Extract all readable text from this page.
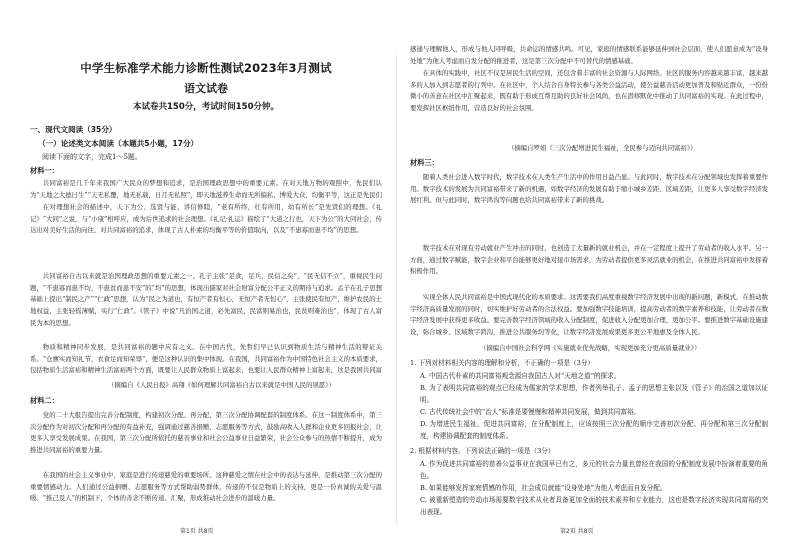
中学生标准学术能力诊断性测试2023年3月测试
语文试卷
本试卷共150分，考试时间150分钟。
一、现代文阅读（35分）
（一）论述类文本阅读（本题共5小题，17分）
阅读下面的文字，完成1～5题。
材料一：

共同富裕是几千年来我国广大民众的梦想和追求，是治国理政思想中的重要元素。在对天地万物的观照中，先民们认为“天地之大德曰生”“天无私覆，地无私载，日月无私照”，即天地滋养生命而无所偏私、博爱大众、均衡平等，这正是先民们

在对理想社会的描述中，天下为公、选贤与能、讲信修睦，“老有所终，壮有所用，幼有所长”是先贤们的理想。《礼记》“大同”之说，与“小康”相呼应，成为后世追求的社会理想。《礼记·礼运》描绘了“大道之行也，天下为公”的大同社会，传达出对美好生活的向往，对共同富裕的追求，体现了古人朴素的均衡平等的价值取向，以及“不患寡而患不均”的思想。

共同富裕自古以来就是治国理政思想的重要元素之一。孔子主张“足食，足兵，民信之矣”，“民无信不立”，重视民生问题，“不患寡而患不均，不患贫而患不安”的“均”的思想，体现出儒家对社会财富分配公平正义的期待与追求。孟子在孔子思想基础上提出“制民之产”“仁政”思想，认为“民之为道也，有恒产者有恒心，无恒产者无恒心”，主张使民有恒产，维护农民的土地权益，主张轻徭薄赋，实行“仁政”。《管子》中说“凡治国之道，必先富民，民富则易治也，民贫则难治也”，体现了古人富民为本的思想。

物质和精神同步发展，是共同富裕的题中应有之义。在中国古代，先哲们早已认识到物质生活与精神生活的辩证关系。“仓廪实而知礼节，衣食足而知荣辱”，便是这种认识的集中体现。在我国，共同富裕作为中国特色社会主义的本质要求，包括物质生活富裕和精神生活富裕两个方面，既要让人民群众物质上富起来，也要让人民群众精神上富起来，这是我国共同富

（摘编自《人民日报》高翔《如何理解共同富裕自古以来就是中国人民的夙愿》）
材料二：

党的二十大报告提出完善分配制度，构建初次分配、再分配、第三次分配协调配套的制度体系。在这一制度体系中，第三次分配作为对初次分配和再分配的有益补充，强调通过慈善捐赠、志愿服务等方式，鼓励高收入人群和企业更多回报社会，让更多人享受发展成果。在我国，第三次分配所依托的慈善事业和社会公益事业日益繁荣，社会公众参与的热情不断提升，成为推进共同富裕的重要力量。

在我国的社会主义事业中，家庭是进行传递慈爱的重要场所。这种慈爱之情在社会中的表达与延伸，是推动第三次分配的重要情感动力。人们通过公益捐赠、志愿服务等方式帮助弱势群体，传递的不仅是物质上的支持，更是一份真诚的关爱与温暖。“推己及人”的机制下，个体的善念不断传递、汇聚，形成推动社会进步的温暖力量。

第1页 共8页

感通与理解他人，形成与他人同呼吸、共命运的情感共鸣。可见，家庭的情感联系能够延伸到社会层面，使人们愿意成为“设身处地”为他人考虑而自发分配的推进者，这是第三次分配中不可替代的情感基础。

在具体的实践中，社区不仅是居民生活的空间，还包含着丰富的社会资源与人际网络。社区的服务内容越来越丰富，越来越多的人加入到志愿者的行列中。在社区中，个人结合自身特长参与各类公益活动，使公益慈善活动更加普及和贴近群众，一份份微小的善意在社区中汇聚起来，既有助于形成互帮互助的良好社会风尚，也在潜移默化中推动了共同富裕的实现。在此过程中，要发挥社区枢纽作用，营造良好的社会氛围。

（摘编自罗娟《三次分配增进民生福祉，全民参与迈向共同富裕》）
材料三：

随着人类社会进入数字时代，数字技术在人类生产生活中的作用日益凸显。与此同时，数字技术在分配领域也发挥着重要作用。数字技术的发展为共同富裕带来了新的机遇，如数字经济的发展有助于缩小城乡差距、区域差距，让更多人享受数字经济发展红利。但与此同时，数字鸿沟等问题也给共同富裕带来了新的挑战。

数字技术在对现有劳动就业产生冲击的同时，也创造了大量新的就业机会，并在一定程度上提升了劳动者的收入水平。另一方面，通过数字赋能，数字企业和平台能够更好地对接市场需求，为劳动者提供更多灵活就业的机会，在推进共同富裕中发挥着积极作用。

实现全体人民共同富裕是中国式现代化的本质要求。这需要我们高度重视数字经济发展中出现的新问题，新模式，在推动数字经济高质量发展的同时，切实维护好劳动者的合法权益。要加强数字技能培训，提高劳动者的数字素养和技能，让劳动者在数字经济发展中获得更多收益。要完善数字经济领域的收入分配制度，促进收入分配更加合理、更加公平。要推进数字基础设施建设，弥合城乡、区域数字鸿沟，推进公共服务均等化，让数字经济发展成果更多更公平地惠及全体人民。

（摘编自中国社会科学网《实施就业优先战略，实现更加充分更高质量就业》）
1. 下列对材料相关内容的理解和分析，不正确的一项是（3分）

A. 中国古代朴素的共同富裕观念源自我国古人对“天地之道”的探求。

B. 为了表明共同富裕的观点已经成为儒家的学术思想，作者列举孔子、孟子的思想主张以及《管子》的治国之道加以证明。

C. 古代传统社会中的“治人”标准是要慢慢和精神共同发展，做到共同富裕。

D. 为增进民生福祉，促进共同富裕，在分配制度上，应该按照三次分配的顺序完善初次分配、再分配和第三次分配制度，构建协调配套的制度体系。

2. 根据材料内容，下列说法正确的一项是（3分）

A. 作为促进共同富裕的慈善公益事业在我国早已有之，多元的社会力量也曾经在我国的分配制度发展中扮演着重要的角色。

B. 如果能够发挥家庭情感的作用，社会成员就能“设身处地”为他人考虑而自发分配。

C. 被重新塑造的劳动市场需要数字技术从业者具备更加全面的技术素养和专业能力，这也是数字经济实现共同富裕的突出表现。

第2页 共8页
